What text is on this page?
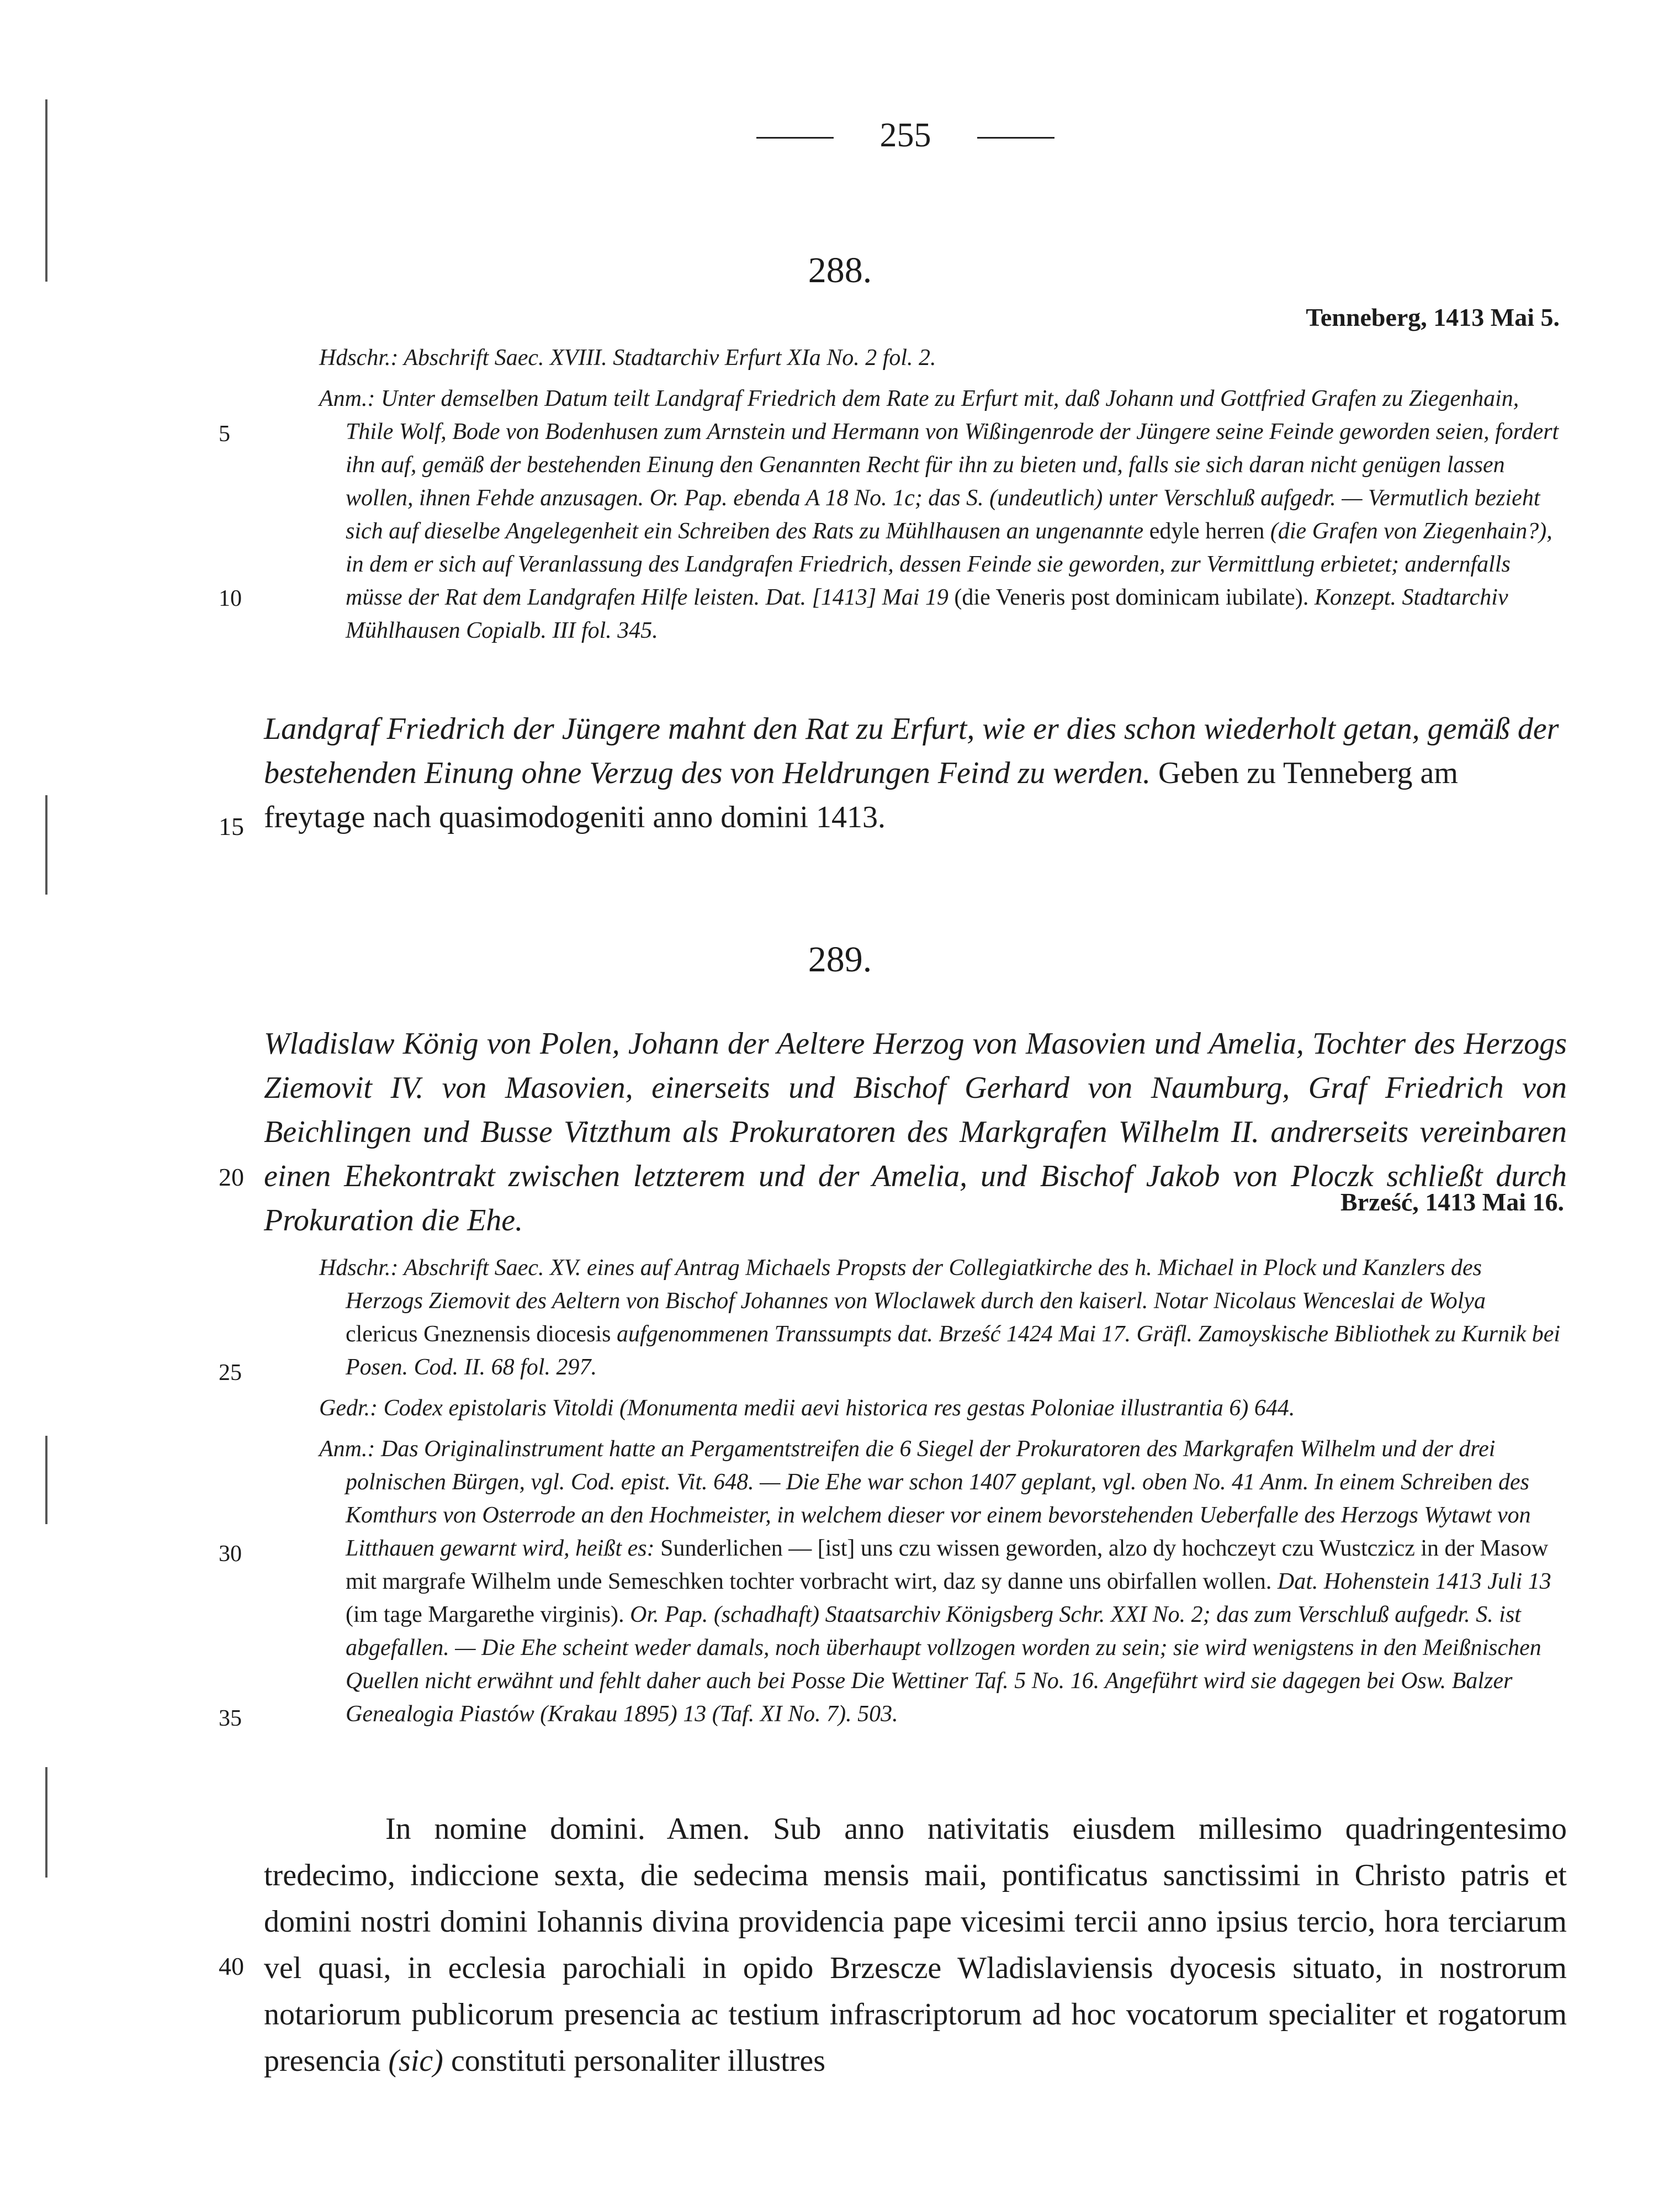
255
288.
Tenneberg, 1413 Mai 5.

Hdschr.: Abschrift Saec. XVIII. Stadtarchiv Erfurt XIa No. 2 fol. 2.

Anm.: Unter demselben Datum teilt Landgraf Friedrich dem Rate zu Erfurt mit, daß Johann und Gottfried Grafen zu Ziegenhain, Thile Wolf, Bode von Bodenhusen zum Arnstein und Hermann von Wißingenrode der Jüngere seine Feinde geworden seien, fordert ihn auf, gemäß der bestehenden Einung den Genannten Recht für ihn zu bieten und, falls sie sich daran nicht genügen lassen wollen, ihnen Fehde anzusagen. Or. Pap. ebenda A 18 No. 1c; das S. (undeutlich) unter Verschluß aufgedr. — Vermutlich bezieht sich auf dieselbe Angelegenheit ein Schreiben des Rats zu Mühlhausen an ungenannte edyle herren (die Grafen von Ziegenhain?), in dem er sich auf Veranlassung des Landgrafen Friedrich, dessen Feinde sie geworden, zur Vermittlung erbietet; andernfalls müsse der Rat dem Landgrafen Hilfe leisten. Dat. [1413] Mai 19 (die Veneris post dominicam iubilate). Konzept. Stadtarchiv Mühlhausen Copialb. III fol. 345.

Landgraf Friedrich der Jüngere mahnt den Rat zu Erfurt, wie er dies schon wiederholt getan, gemäß der bestehenden Einung ohne Verzug des von Heldrungen Feind zu werden. Geben zu Tenneberg am freytage nach quasimodogeniti anno domini 1413.
289.
Wladislaw König von Polen, Johann der Aeltere Herzog von Masovien und Amelia, Tochter des Herzogs Ziemovit IV. von Masovien, einerseits und Bischof Gerhard von Naumburg, Graf Friedrich von Beichlingen und Busse Vitzthum als Prokuratoren des Markgrafen Wilhelm II. andrerseits vereinbaren einen Ehekontrakt zwischen letzterem und der Amelia, und Bischof Jakob von Ploczk schließt durch Prokuration die Ehe.
Brześć, 1413 Mai 16.

Hdschr.: Abschrift Saec. XV. eines auf Antrag Michaels Propsts der Collegiatkirche des h. Michael in Plock und Kanzlers des Herzogs Ziemovit des Aeltern von Bischof Johannes von Wloclawek durch den kaiserl. Notar Nicolaus Wenceslai de Wolya clericus Gneznensis diocesis aufgenommenen Transsumpts dat. Brześć 1424 Mai 17. Gräfl. Zamoyskische Bibliothek zu Kurnik bei Posen. Cod. II. 68 fol. 297.

Gedr.: Codex epistolaris Vitoldi (Monumenta medii aevi historica res gestas Poloniae illustrantia 6) 644.

Anm.: Das Originalinstrument hatte an Pergamentstreifen die 6 Siegel der Prokuratoren des Markgrafen Wilhelm und der drei polnischen Bürgen, vgl. Cod. epist. Vit. 648. — Die Ehe war schon 1407 geplant, vgl. oben No. 41 Anm. In einem Schreiben des Komthurs von Osterrode an den Hochmeister, in welchem dieser vor einem bevorstehenden Ueberfalle des Herzogs Wytawt von Litthauen gewarnt wird, heißt es: Sunderlichen — [ist] uns czu wissen geworden, alzo dy hochczeyt czu Wustczicz in der Masow mit margrafe Wilhelm unde Semeschken tochter vorbracht wirt, daz sy danne uns obirfallen wollen. Dat. Hohenstein 1413 Juli 13 (im tage Margarethe virginis). Or. Pap. (schadhaft) Staatsarchiv Königsberg Schr. XXI No. 2; das zum Verschluß aufgedr. S. ist abgefallen. — Die Ehe scheint weder damals, noch überhaupt vollzogen worden zu sein; sie wird wenigstens in den Meißnischen Quellen nicht erwähnt und fehlt daher auch bei Posse Die Wettiner Taf. 5 No. 16. Angeführt wird sie dagegen bei Osw. Balzer Genealogia Piastów (Krakau 1895) 13 (Taf. XI No. 7). 503.

In nomine domini. Amen. Sub anno nativitatis eiusdem millesimo quadringentesimo tredecimo, indiccione sexta, die sedecima mensis maii, pontificatus sanctissimi in Christo patris et domini nostri domini Iohannis divina providencia pape vicesimi tercii anno ipsius tercio, hora terciarum vel quasi, in ecclesia parochiali in opido Brzescze Wladislaviensis dyocesis situato, in nostrorum notariorum publicorum presencia ac testium infrascriptorum ad hoc vocatorum specialiter et rogatorum presencia (sic) constituti personaliter illustres
5
10
15
20
25
30
35
40
